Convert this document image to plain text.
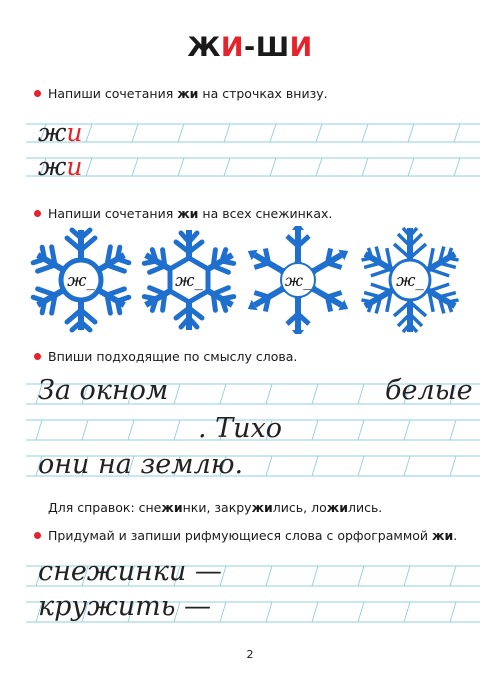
ЖИ-ШИ
Напиши сочетания жи на строчках внизу.
жи
жи
Напиши сочетания жи на всех снежинках.
ж_	ж_	ж_	ж_
Впиши подходящие по смыслу слова.
За окном	белые
. Тихо
они на землю.
Для справок: снежинки, закружились, ложились.
Придумай и запиши рифмующиеся слова с орфограммой жи.
снежинки —
кружить —
2
